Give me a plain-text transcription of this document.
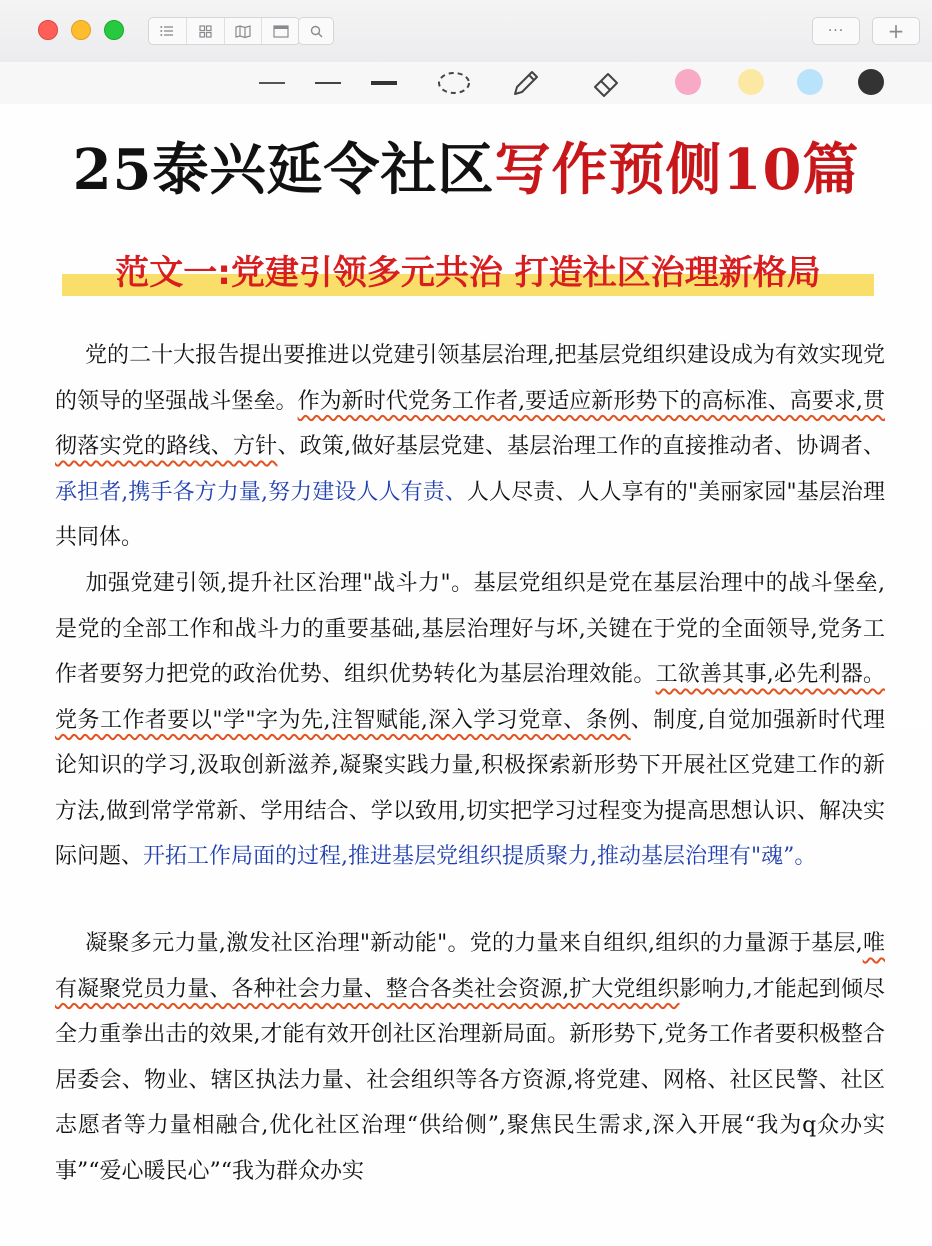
··· +
25泰兴延令社区写作预侧10篇
范文一:党建引领多元共治 打造社区治理新格局
党的二十大报告提出要推进以党建引领基层治理,把基层党组织建设成为有效实现党的领导的坚强战斗堡垒。作为新时代党务工作者,要适应新形势下的高标准、高要求,贯彻落实党的路线、方针、政策,做好基层党建、基层治理工作的直接推动者、协调者、承担者,携手各方力量,努力建设人人有责、人人尽责、人人享有的"美丽家园"基层治理共同体。
加强党建引领,提升社区治理"战斗力"。基层党组织是党在基层治理中的战斗堡垒,是党的全部工作和战斗力的重要基础,基层治理好与坏,关键在于党的全面领导,党务工作者要努力把党的政治优势、组织优势转化为基层治理效能。工欲善其事,必先利器。党务工作者要以"学"字为先,注智赋能,深入学习党章、条例、制度,自觉加强新时代理论知识的学习,汲取创新滋养,凝聚实践力量,积极探索新形势下开展社区党建工作的新方法,做到常学常新、学用结合、学以致用,切实把学习过程变为提高思想认识、解决实际问题、开拓工作局面的过程,推进基层党组织提质聚力,推动基层治理有"魂”。
凝聚多元力量,激发社区治理"新动能"。党的力量来自组织,组织的力量源于基层,唯有凝聚党员力量、各种社会力量、整合各类社会资源,扩大党组织影响力,才能起到倾尽全力重拳出击的效果,才能有效开创社区治理新局面。新形势下,党务工作者要积极整合居委会、物业、辖区执法力量、社会组织等各方资源,将党建、网格、社区民警、社区志愿者等力量相融合,优化社区治理“供给侧”,聚焦民生需求,深入开展“我为q众办实事”“爱心暖民心”“我为群众办实
